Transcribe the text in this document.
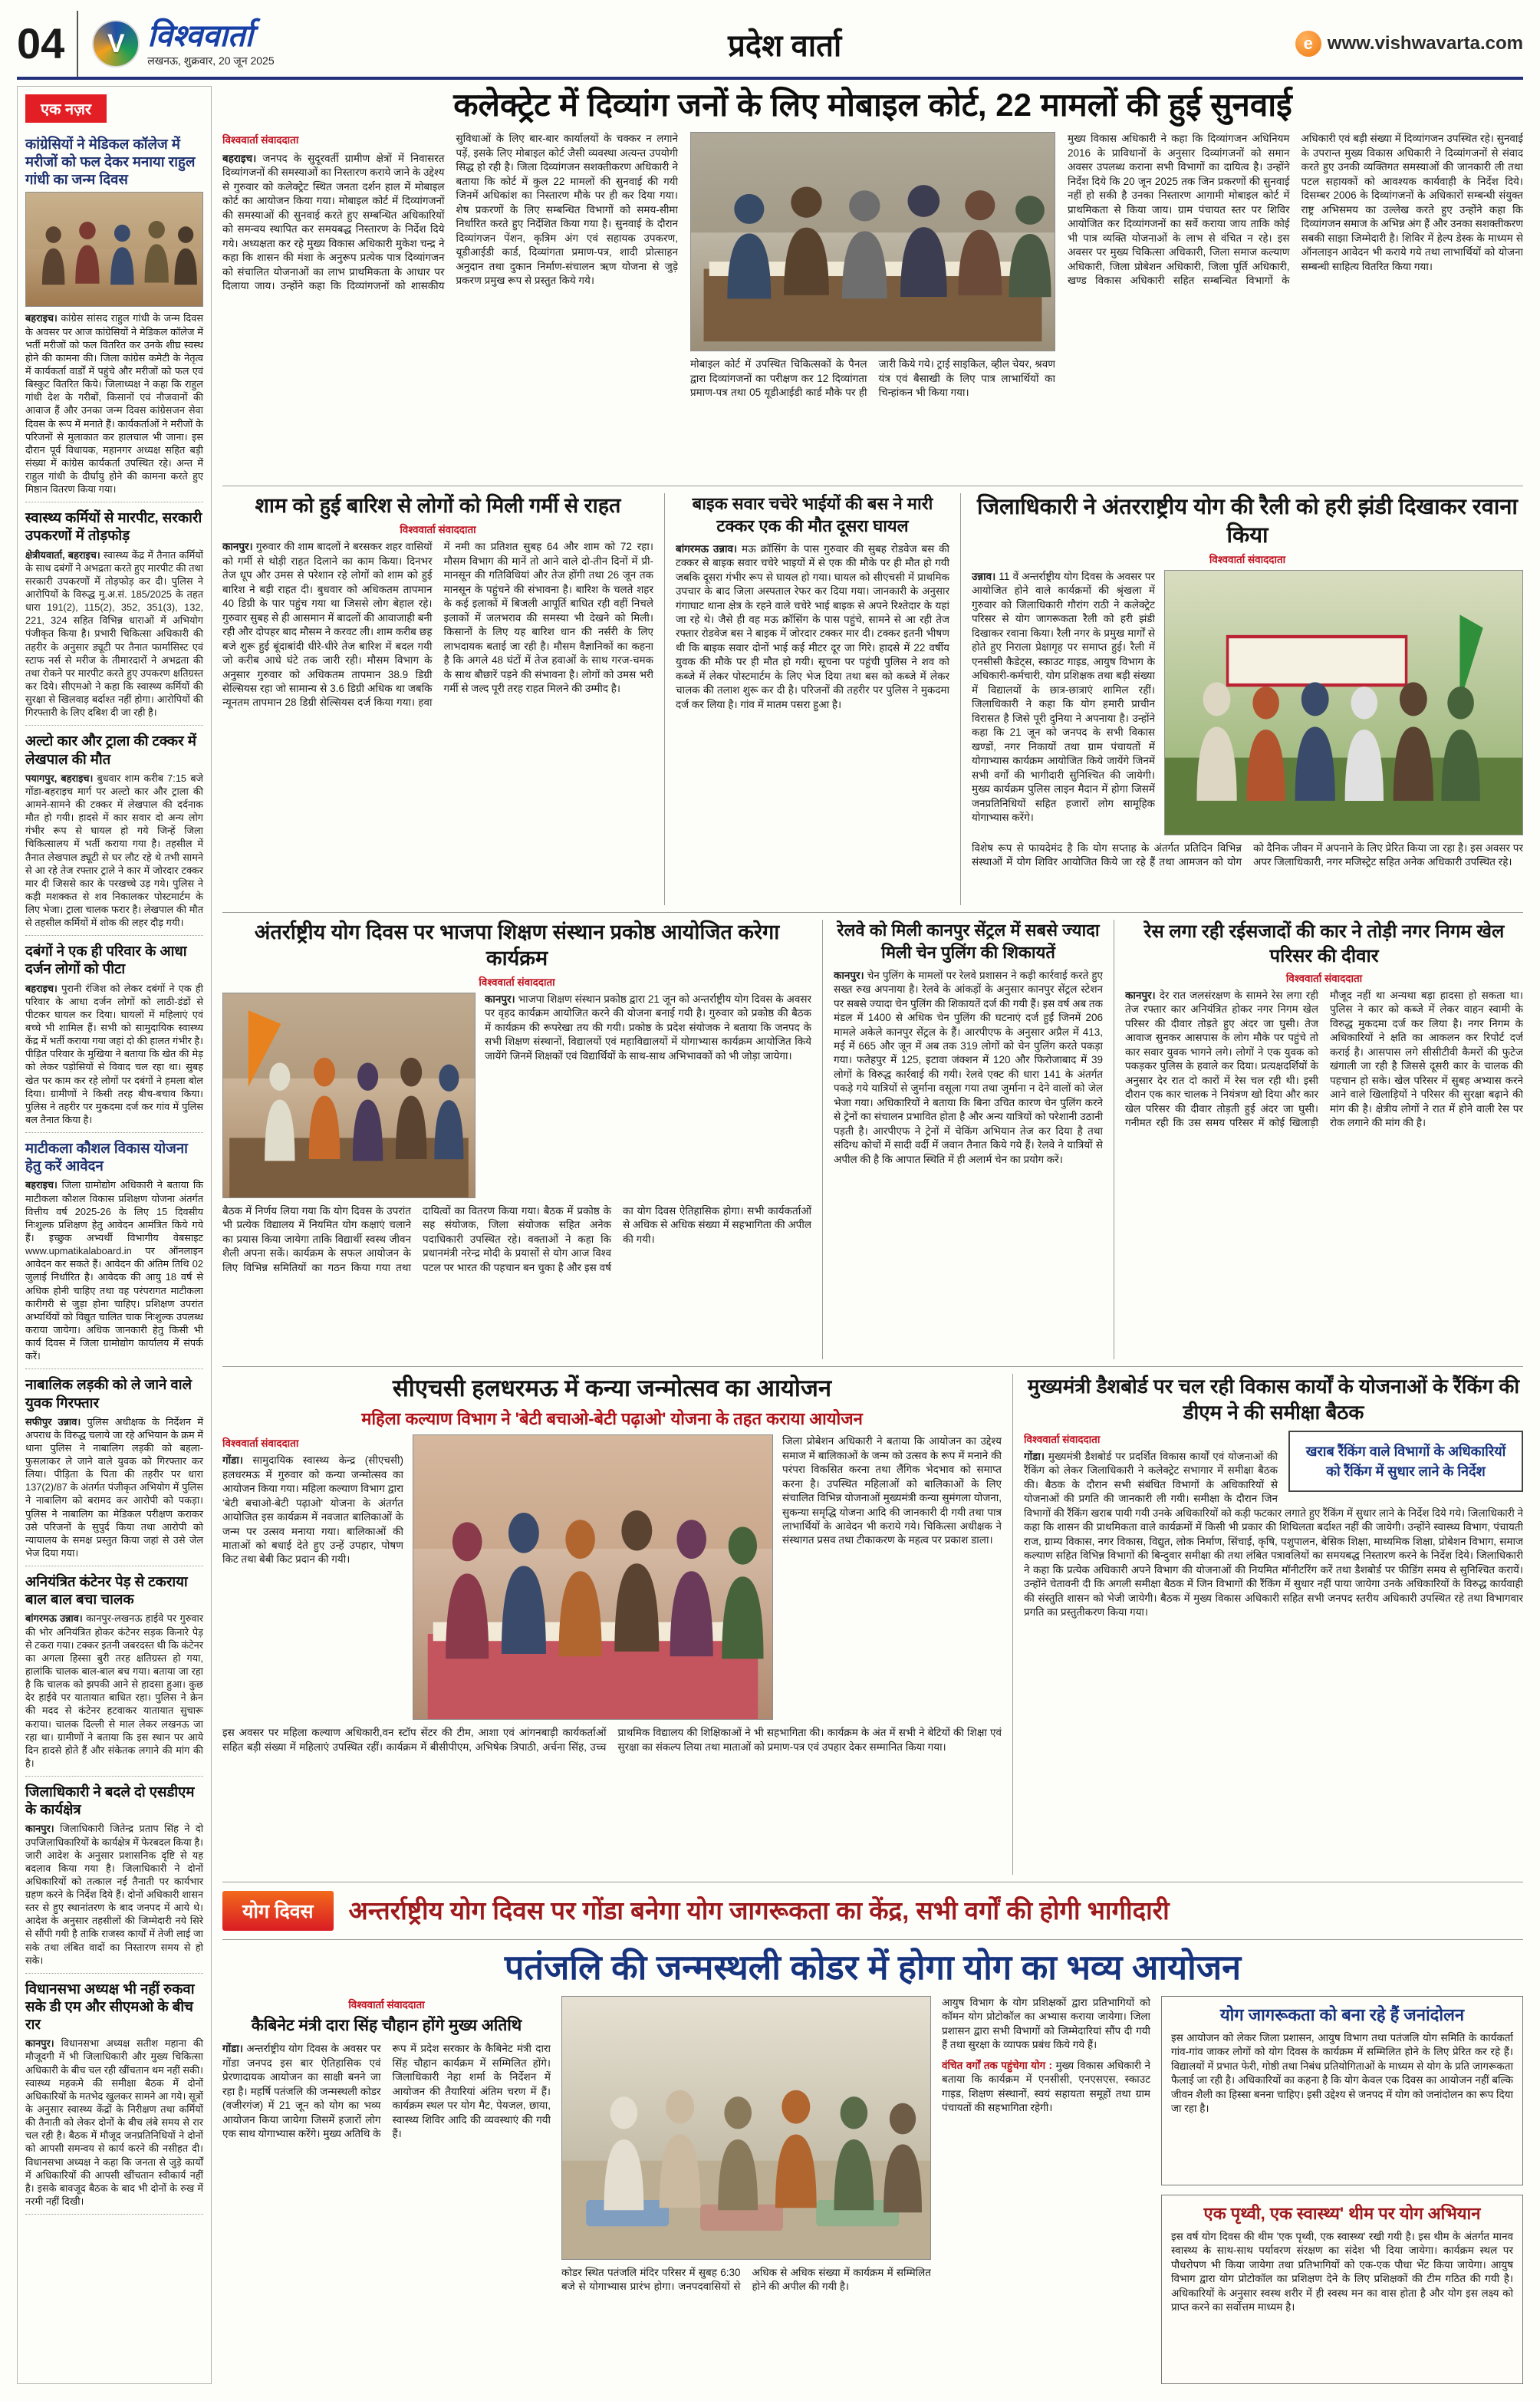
04 V विश्ववार्ता
लखनऊ, शुक्रवार, 20 जून 2025	प्रदेश वार्ता	e www.vishwavarta.com
एक नज़र
कांग्रेसियों ने मेडिकल कॉलेज में मरीजों को फल देकर मनाया राहुल गांधी का जन्म दिवस

बहराइच। कांग्रेस सांसद राहुल गांधी के जन्म दिवस के अवसर पर आज कांग्रेसियों ने मेडिकल कॉलेज में भर्ती मरीजों को फल वितरित कर उनके शीघ्र स्वस्थ होने की कामना की। जिला कांग्रेस कमेटी के नेतृत्व में कार्यकर्ता वार्डों में पहुंचे और मरीजों को फल एवं बिस्कुट वितरित किये। जिलाध्यक्ष ने कहा कि राहुल गांधी देश के गरीबों, किसानों एवं नौजवानों की आवाज हैं और उनका जन्म दिवस कांग्रेसजन सेवा दिवस के रूप में मनाते हैं। कार्यकर्ताओं ने मरीजों के परिजनों से मुलाकात कर हालचाल भी जाना। इस दौरान पूर्व विधायक, महानगर अध्यक्ष सहित बड़ी संख्या में कांग्रेस कार्यकर्ता उपस्थित रहे। अन्त में राहुल गांधी के दीर्घायु होने की कामना करते हुए मिष्ठान वितरण किया गया।

स्वास्थ्य कर्मियों से मारपीट, सरकारी उपकरणों में तोड़फोड़

क्षेत्रीयवार्ता, बहराइच। स्वास्थ्य केंद्र में तैनात कर्मियों के साथ दबंगों ने अभद्रता करते हुए मारपीट की तथा सरकारी उपकरणों में तोड़फोड़ कर दी। पुलिस ने आरोपियों के विरुद्ध मु.अ.सं. 185/2025 के तहत धारा 191(2), 115(2), 352, 351(3), 132, 221, 324 सहित विभिन्न धाराओं में अभियोग पंजीकृत किया है। प्रभारी चिकित्सा अधिकारी की तहरीर के अनुसार ड्यूटी पर तैनात फार्मासिस्ट एवं स्टाफ नर्स से मरीज के तीमारदारों ने अभद्रता की तथा रोकने पर मारपीट करते हुए उपकरण क्षतिग्रस्त कर दिये। सीएमओ ने कहा कि स्वास्थ्य कर्मियों की सुरक्षा से खिलवाड़ बर्दाश्त नहीं होगा। आरोपियों की गिरफ्तारी के लिए दबिश दी जा रही है।

अल्टो कार और ट्राला की टक्कर में लेखपाल की मौत

पयागपुर, बहराइच। बुधवार शाम करीब 7:15 बजे गोंडा-बहराइच मार्ग पर अल्टो कार और ट्राला की आमने-सामने की टक्कर में लेखपाल की दर्दनाक मौत हो गयी। हादसे में कार सवार दो अन्य लोग गंभीर रूप से घायल हो गये जिन्हें जिला चिकित्सालय में भर्ती कराया गया है। तहसील में तैनात लेखपाल ड्यूटी से घर लौट रहे थे तभी सामने से आ रहे तेज रफ्तार ट्राले ने कार में जोरदार टक्कर मार दी जिससे कार के परखच्चे उड़ गये। पुलिस ने कड़ी मशक्कत से शव निकालकर पोस्टमार्टम के लिए भेजा। ट्राला चालक फरार है। लेखपाल की मौत से तहसील कर्मियों में शोक की लहर दौड़ गयी।

दबंगों ने एक ही परिवार के आधा दर्जन लोगों को पीटा

बहराइच। पुरानी रंजिश को लेकर दबंगों ने एक ही परिवार के आधा दर्जन लोगों को लाठी-डंडों से पीटकर घायल कर दिया। घायलों में महिलाएं एवं बच्चे भी शामिल हैं। सभी को सामुदायिक स्वास्थ्य केंद्र में भर्ती कराया गया जहां दो की हालत गंभीर है। पीड़ित परिवार के मुखिया ने बताया कि खेत की मेड़ को लेकर पड़ोसियों से विवाद चल रहा था। सुबह खेत पर काम कर रहे लोगों पर दबंगों ने हमला बोल दिया। ग्रामीणों ने किसी तरह बीच-बचाव किया। पुलिस ने तहरीर पर मुकदमा दर्ज कर गांव में पुलिस बल तैनात किया है।

माटीकला कौशल विकास योजना हेतु करें आवेदन

बहराइच। जिला ग्रामोद्योग अधिकारी ने बताया कि माटीकला कौशल विकास प्रशिक्षण योजना अंतर्गत वित्तीय वर्ष 2025-26 के लिए 15 दिवसीय निःशुल्क प्रशिक्षण हेतु आवेदन आमंत्रित किये गये हैं। इच्छुक अभ्यर्थी विभागीय वेबसाइट www.upmatikalaboard.in पर ऑनलाइन आवेदन कर सकते हैं। आवेदन की अंतिम तिथि 02 जुलाई निर्धारित है। आवेदक की आयु 18 वर्ष से अधिक होनी चाहिए तथा वह परंपरागत माटीकला कारीगरी से जुड़ा होना चाहिए। प्रशिक्षण उपरांत अभ्यर्थियों को विद्युत चालित चाक निःशुल्क उपलब्ध कराया जायेगा। अधिक जानकारी हेतु किसी भी कार्य दिवस में जिला ग्रामोद्योग कार्यालय में संपर्क करें।

नाबालिक लड़की को ले जाने वाले युवक गिरफ्तार

सफीपुर उन्नाव। पुलिस अधीक्षक के निर्देशन में अपराध के विरुद्ध चलाये जा रहे अभियान के क्रम में थाना पुलिस ने नाबालिग लड़की को बहला-फुसलाकर ले जाने वाले युवक को गिरफ्तार कर लिया। पीड़िता के पिता की तहरीर पर धारा 137(2)/87 के अंतर्गत पंजीकृत अभियोग में पुलिस ने नाबालिग को बरामद कर आरोपी को पकड़ा। पुलिस ने नाबालिग का मेडिकल परीक्षण कराकर उसे परिजनों के सुपुर्द किया तथा आरोपी को न्यायालय के समक्ष प्रस्तुत किया जहां से उसे जेल भेज दिया गया।

अनियंत्रित कंटेनर पेड़ से टकराया बाल बाल बचा चालक

बांगरमऊ उन्नाव। कानपुर-लखनऊ हाईवे पर गुरुवार की भोर अनियंत्रित होकर कंटेनर सड़क किनारे पेड़ से टकरा गया। टक्कर इतनी जबरदस्त थी कि कंटेनर का अगला हिस्सा बुरी तरह क्षतिग्रस्त हो गया, हालांकि चालक बाल-बाल बच गया। बताया जा रहा है कि चालक को झपकी आने से हादसा हुआ। कुछ देर हाईवे पर यातायात बाधित रहा। पुलिस ने क्रेन की मदद से कंटेनर हटवाकर यातायात सुचारू कराया। चालक दिल्ली से माल लेकर लखनऊ जा रहा था। ग्रामीणों ने बताया कि इस स्थान पर आये दिन हादसे होते हैं और संकेतक लगाने की मांग की है।

जिलाधिकारी ने बदले दो एसडीएम के कार्यक्षेत्र

कानपुर। जिलाधिकारी जितेन्द्र प्रताप सिंह ने दो उपजिलाधिकारियों के कार्यक्षेत्र में फेरबदल किया है। जारी आदेश के अनुसार प्रशासनिक दृष्टि से यह बदलाव किया गया है। जिलाधिकारी ने दोनों अधिकारियों को तत्काल नई तैनाती पर कार्यभार ग्रहण करने के निर्देश दिये हैं। दोनों अधिकारी शासन स्तर से हुए स्थानांतरण के बाद जनपद में आये थे। आदेश के अनुसार तहसीलों की जिम्मेदारी नये सिरे से सौंपी गयी है ताकि राजस्व कार्यों में तेजी लाई जा सके तथा लंबित वादों का निस्तारण समय से हो सके।

विधानसभा अध्यक्ष भी नहीं रुकवा सके डी एम और सीएमओ के बीच रार

कानपुर। विधानसभा अध्यक्ष सतीश महाना की मौजूदगी में भी जिलाधिकारी और मुख्य चिकित्सा अधिकारी के बीच चल रही खींचतान थम नहीं सकी। स्वास्थ्य महकमे की समीक्षा बैठक में दोनों अधिकारियों के मतभेद खुलकर सामने आ गये। सूत्रों के अनुसार स्वास्थ्य केंद्रों के निरीक्षण तथा कर्मियों की तैनाती को लेकर दोनों के बीच लंबे समय से रार चल रही है। बैठक में मौजूद जनप्रतिनिधियों ने दोनों को आपसी समन्वय से कार्य करने की नसीहत दी। विधानसभा अध्यक्ष ने कहा कि जनता से जुड़े कार्यों में अधिकारियों की आपसी खींचतान स्वीकार्य नहीं है। इसके बावजूद बैठक के बाद भी दोनों के रुख में नरमी नहीं दिखी।

कलेक्ट्रेट में दिव्यांग जनों के लिए मोबाइल कोर्ट, 22 मामलों की हुई सुनवाई
विश्ववार्ता संवाददाता

बहराइच। जनपद के सुदूरवर्ती ग्रामीण क्षेत्रों में निवासरत दिव्यांगजनों की समस्याओं का निस्तारण कराये जाने के उद्देश्य से गुरुवार को कलेक्ट्रेट स्थित जनता दर्शन हाल में मोबाइल कोर्ट का आयोजन किया गया। मोबाइल कोर्ट में दिव्यांगजनों की समस्याओं की सुनवाई करते हुए सम्बन्धित अधिकारियों को समन्वय स्थापित कर समयबद्ध निस्तारण के निर्देश दिये गये। अध्यक्षता कर रहे मुख्य विकास अधिकारी मुकेश चन्द्र ने कहा कि शासन की मंशा के अनुरूप प्रत्येक पात्र दिव्यांगजन को संचालित योजनाओं का लाभ प्राथमिकता के आधार पर दिलाया जाय। उन्होंने कहा कि दिव्यांगजनों को शासकीय सुविधाओं के लिए बार-बार कार्यालयों के चक्कर न लगाने पड़ें, इसके लिए मोबाइल कोर्ट जैसी व्यवस्था अत्यन्त उपयोगी सिद्ध हो रही है। जिला दिव्यांगजन सशक्तीकरण अधिकारी ने बताया कि कोर्ट में कुल 22 मामलों की सुनवाई की गयी जिनमें अधिकांश का निस्तारण मौके पर ही कर दिया गया। शेष प्रकरणों के लिए सम्बन्धित विभागों को समय-सीमा निर्धारित करते हुए निर्देशित किया गया है। सुनवाई के दौरान दिव्यांगजन पेंशन, कृत्रिम अंग एवं सहायक उपकरण, यूडीआईडी कार्ड, दिव्यांगता प्रमाण-पत्र, शादी प्रोत्साहन अनुदान तथा दुकान निर्माण-संचालन ऋण योजना से जुड़े प्रकरण प्रमुख रूप से प्रस्तुत किये गये।

मोबाइल कोर्ट में उपस्थित चिकित्सकों के पैनल द्वारा दिव्यांगजनों का परीक्षण कर 12 दिव्यांगता प्रमाण-पत्र तथा 05 यूडीआईडी कार्ड मौके पर ही जारी किये गये। ट्राई साइकिल, व्हील चेयर, श्रवण यंत्र एवं बैसाखी के लिए पात्र लाभार्थियों का चिन्हांकन भी किया गया।

मुख्य विकास अधिकारी ने कहा कि दिव्यांगजन अधिनियम 2016 के प्राविधानों के अनुसार दिव्यांगजनों को समान अवसर उपलब्ध कराना सभी विभागों का दायित्व है। उन्होंने निर्देश दिये कि 20 जून 2025 तक जिन प्रकरणों की सुनवाई नहीं हो सकी है उनका निस्तारण आगामी मोबाइल कोर्ट में प्राथमिकता से किया जाय। ग्राम पंचायत स्तर पर शिविर आयोजित कर दिव्यांगजनों का सर्वे कराया जाय ताकि कोई भी पात्र व्यक्ति योजनाओं के लाभ से वंचित न रहे। इस अवसर पर मुख्य चिकित्सा अधिकारी, जिला समाज कल्याण अधिकारी, जिला प्रोबेशन अधिकारी, जिला पूर्ति अधिकारी, खण्ड विकास अधिकारी सहित सम्बन्धित विभागों के अधिकारी एवं बड़ी संख्या में दिव्यांगजन उपस्थित रहे। सुनवाई के उपरान्त मुख्य विकास अधिकारी ने दिव्यांगजनों से संवाद करते हुए उनकी व्यक्तिगत समस्याओं की जानकारी ली तथा पटल सहायकों को आवश्यक कार्यवाही के निर्देश दिये। दिसम्बर 2006 के दिव्यांगजनों के अधिकारों सम्बन्धी संयुक्त राष्ट्र अभिसमय का उल्लेख करते हुए उन्होंने कहा कि दिव्यांगजन समाज के अभिन्न अंग हैं और उनका सशक्तीकरण सबकी साझा जिम्मेदारी है। शिविर में हेल्प डेस्क के माध्यम से ऑनलाइन आवेदन भी कराये गये तथा लाभार्थियों को योजना सम्बन्धी साहित्य वितरित किया गया।

शाम को हुई बारिश से लोगों को मिली गर्मी से राहत
विश्ववार्ता संवाददाता

कानपुर। गुरुवार की शाम बादलों ने बरसकर शहर वासियों को गर्मी से थोड़ी राहत दिलाने का काम किया। दिनभर तेज धूप और उमस से परेशान रहे लोगों को शाम को हुई बारिश ने बड़ी राहत दी। बुधवार को अधिकतम तापमान 40 डिग्री के पार पहुंच गया था जिससे लोग बेहाल रहे। गुरुवार सुबह से ही आसमान में बादलों की आवाजाही बनी रही और दोपहर बाद मौसम ने करवट ली। शाम करीब छह बजे शुरू हुई बूंदाबांदी धीरे-धीरे तेज बारिश में बदल गयी जो करीब आधे घंटे तक जारी रही। मौसम विभाग के अनुसार गुरुवार को अधिकतम तापमान 38.9 डिग्री सेल्सियस रहा जो सामान्य से 3.6 डिग्री अधिक था जबकि न्यूनतम तापमान 28 डिग्री सेल्सियस दर्ज किया गया। हवा में नमी का प्रतिशत सुबह 64 और शाम को 72 रहा। मौसम विभाग की मानें तो आने वाले दो-तीन दिनों में प्री-मानसून की गतिविधियां और तेज होंगी तथा 26 जून तक मानसून के पहुंचने की संभावना है। बारिश के चलते शहर के कई इलाकों में बिजली आपूर्ति बाधित रही वहीं निचले इलाकों में जलभराव की समस्या भी देखने को मिली। किसानों के लिए यह बारिश धान की नर्सरी के लिए लाभदायक बताई जा रही है। मौसम वैज्ञानिकों का कहना है कि अगले 48 घंटों में तेज हवाओं के साथ गरज-चमक के साथ बौछारें पड़ने की संभावना है। लोगों को उमस भरी गर्मी से जल्द पूरी तरह राहत मिलने की उम्मीद है।

बाइक सवार चचेरे भाईयों की बस ने मारी टक्कर एक की मौत दूसरा घायल

बांगरमऊ उन्नाव। मऊ क्रॉसिंग के पास गुरुवार की सुबह रोडवेज बस की टक्कर से बाइक सवार चचेरे भाइयों में से एक की मौके पर ही मौत हो गयी जबकि दूसरा गंभीर रूप से घायल हो गया। घायल को सीएचसी में प्राथमिक उपचार के बाद जिला अस्पताल रेफर कर दिया गया। जानकारी के अनुसार गंगाघाट थाना क्षेत्र के रहने वाले चचेरे भाई बाइक से अपने रिश्तेदार के यहां जा रहे थे। जैसे ही वह मऊ क्रॉसिंग के पास पहुंचे, सामने से आ रही तेज रफ्तार रोडवेज बस ने बाइक में जोरदार टक्कर मार दी। टक्कर इतनी भीषण थी कि बाइक सवार दोनों भाई कई मीटर दूर जा गिरे। हादसे में 22 वर्षीय युवक की मौके पर ही मौत हो गयी। सूचना पर पहुंची पुलिस ने शव को कब्जे में लेकर पोस्टमार्टम के लिए भेज दिया तथा बस को कब्जे में लेकर चालक की तलाश शुरू कर दी है। परिजनों की तहरीर पर पुलिस ने मुकदमा दर्ज कर लिया है। गांव में मातम पसरा हुआ है।

जिलाधिकारी ने अंतरराष्ट्रीय योग की रैली को हरी झंडी दिखाकर रवाना किया
विश्ववार्ता संवाददाता

उन्नाव। 11 वें अन्तर्राष्ट्रीय योग दिवस के अवसर पर आयोजित होने वाले कार्यक्रमों की श्रृंखला में गुरुवार को जिलाधिकारी गौरांग राठी ने कलेक्ट्रेट परिसर से योग जागरूकता रैली को हरी झंडी दिखाकर रवाना किया। रैली नगर के प्रमुख मार्गों से होते हुए निराला प्रेक्षागृह पर समाप्त हुई। रैली में एनसीसी कैडेट्स, स्काउट गाइड, आयुष विभाग के अधिकारी-कर्मचारी, योग प्रशिक्षक तथा बड़ी संख्या में विद्यालयों के छात्र-छात्राएं शामिल रहीं। जिलाधिकारी ने कहा कि योग हमारी प्राचीन विरासत है जिसे पूरी दुनिया ने अपनाया है। उन्होंने कहा कि 21 जून को जनपद के सभी विकास खण्डों, नगर निकायों तथा ग्राम पंचायतों में योगाभ्यास कार्यक्रम आयोजित किये जायेंगे जिनमें सभी वर्गों की भागीदारी सुनिश्चित की जायेगी। मुख्य कार्यक्रम पुलिस लाइन मैदान में होगा जिसमें जनप्रतिनिधियों सहित हजारों लोग सामूहिक योगाभ्यास करेंगे।

विशेष रूप से फायदेमंद है कि योग सप्ताह के अंतर्गत प्रतिदिन विभिन्न संस्थाओं में योग शिविर आयोजित किये जा रहे हैं तथा आमजन को योग को दैनिक जीवन में अपनाने के लिए प्रेरित किया जा रहा है। इस अवसर पर अपर जिलाधिकारी, नगर मजिस्ट्रेट सहित अनेक अधिकारी उपस्थित रहे।

अंतर्राष्ट्रीय योग दिवस पर भाजपा शिक्षण संस्थान प्रकोष्ठ आयोजित करेगा कार्यक्रम
विश्ववार्ता संवाददाता

कानपुर। भाजपा शिक्षण संस्थान प्रकोष्ठ द्वारा 21 जून को अन्तर्राष्ट्रीय योग दिवस के अवसर पर वृहद कार्यक्रम आयोजित करने की योजना बनाई गयी है। गुरुवार को प्रकोष्ठ की बैठक में कार्यक्रम की रूपरेखा तय की गयी। प्रकोष्ठ के प्रदेश संयोजक ने बताया कि जनपद के सभी शिक्षण संस्थानों, विद्यालयों एवं महाविद्यालयों में योगाभ्यास कार्यक्रम आयोजित किये जायेंगे जिनमें शिक्षकों एवं विद्यार्थियों के साथ-साथ अभिभावकों को भी जोड़ा जायेगा।

बैठक में निर्णय लिया गया कि योग दिवस के उपरांत भी प्रत्येक विद्यालय में नियमित योग कक्षाएं चलाने का प्रयास किया जायेगा ताकि विद्यार्थी स्वस्थ जीवन शैली अपना सकें। कार्यक्रम के सफल आयोजन के लिए विभिन्न समितियों का गठन किया गया तथा दायित्वों का वितरण किया गया। बैठक में प्रकोष्ठ के सह संयोजक, जिला संयोजक सहित अनेक पदाधिकारी उपस्थित रहे। वक्ताओं ने कहा कि प्रधानमंत्री नरेन्द्र मोदी के प्रयासों से योग आज विश्व पटल पर भारत की पहचान बन चुका है और इस वर्ष का योग दिवस ऐतिहासिक होगा। सभी कार्यकर्ताओं से अधिक से अधिक संख्या में सहभागिता की अपील की गयी।

रेलवे को मिली कानपुर सेंट्रल में सबसे ज्यादा मिली चेन पुलिंग की शिकायतें

कानपुर। चेन पुलिंग के मामलों पर रेलवे प्रशासन ने कड़ी कार्रवाई करते हुए सख्त रुख अपनाया है। रेलवे के आंकड़ों के अनुसार कानपुर सेंट्रल स्टेशन पर सबसे ज्यादा चेन पुलिंग की शिकायतें दर्ज की गयी हैं। इस वर्ष अब तक मंडल में 1400 से अधिक चेन पुलिंग की घटनाएं दर्ज हुईं जिनमें 206 मामले अकेले कानपुर सेंट्रल के हैं। आरपीएफ के अनुसार अप्रैल में 413, मई में 665 और जून में अब तक 319 लोगों को चेन पुलिंग करते पकड़ा गया। फतेहपुर में 125, इटावा जंक्शन में 120 और फिरोजाबाद में 39 लोगों के विरुद्ध कार्रवाई की गयी। रेलवे एक्ट की धारा 141 के अंतर्गत पकड़े गये यात्रियों से जुर्माना वसूला गया तथा जुर्माना न देने वालों को जेल भेजा गया। अधिकारियों ने बताया कि बिना उचित कारण चेन पुलिंग करने से ट्रेनों का संचालन प्रभावित होता है और अन्य यात्रियों को परेशानी उठानी पड़ती है। आरपीएफ ने ट्रेनों में चेकिंग अभियान तेज कर दिया है तथा संदिग्ध कोचों में सादी वर्दी में जवान तैनात किये गये हैं। रेलवे ने यात्रियों से अपील की है कि आपात स्थिति में ही अलार्म चेन का प्रयोग करें।

रेस लगा रही रईसजादों की कार ने तोड़ी नगर निगम खेल परिसर की दीवार
विश्ववार्ता संवाददाता

कानपुर। देर रात जलसंरक्षण के सामने रेस लगा रही तेज रफ्तार कार अनियंत्रित होकर नगर निगम खेल परिसर की दीवार तोड़ते हुए अंदर जा घुसी। तेज आवाज सुनकर आसपास के लोग मौके पर पहुंचे तो कार सवार युवक भागने लगे। लोगों ने एक युवक को पकड़कर पुलिस के हवाले कर दिया। प्रत्यक्षदर्शियों के अनुसार देर रात दो कारों में रेस चल रही थी। इसी दौरान एक कार चालक ने नियंत्रण खो दिया और कार खेल परिसर की दीवार तोड़ती हुई अंदर जा घुसी। गनीमत रही कि उस समय परिसर में कोई खिलाड़ी मौजूद नहीं था अन्यथा बड़ा हादसा हो सकता था। पुलिस ने कार को कब्जे में लेकर वाहन स्वामी के विरुद्ध मुकदमा दर्ज कर लिया है। नगर निगम के अधिकारियों ने क्षति का आकलन कर रिपोर्ट दर्ज कराई है। आसपास लगे सीसीटीवी कैमरों की फुटेज खंगाली जा रही है जिससे दूसरी कार के चालक की पहचान हो सके। खेल परिसर में सुबह अभ्यास करने आने वाले खिलाड़ियों ने परिसर की सुरक्षा बढ़ाने की मांग की है। क्षेत्रीय लोगों ने रात में होने वाली रेस पर रोक लगाने की मांग की है।

सीएचसी हलधरमऊ में कन्या जन्मोत्सव का आयोजन
महिला कल्याण विभाग ने 'बेटी बचाओ-बेटी पढ़ाओ' योजना के तहत कराया आयोजन
विश्ववार्ता संवाददाता

गोंडा। सामुदायिक स्वास्थ्य केन्द्र (सीएचसी) हलधरमऊ में गुरुवार को कन्या जन्मोत्सव का आयोजन किया गया। महिला कल्याण विभाग द्वारा 'बेटी बचाओ-बेटी पढ़ाओ' योजना के अंतर्गत आयोजित इस कार्यक्रम में नवजात बालिकाओं के जन्म पर उत्सव मनाया गया। बालिकाओं की माताओं को बधाई देते हुए उन्हें उपहार, पोषण किट तथा बेबी किट प्रदान की गयी।

जिला प्रोबेशन अधिकारी ने बताया कि आयोजन का उद्देश्य समाज में बालिकाओं के जन्म को उत्सव के रूप में मनाने की परंपरा विकसित करना तथा लैंगिक भेदभाव को समाप्त करना है। उपस्थित महिलाओं को बालिकाओं के लिए संचालित विभिन्न योजनाओं मुख्यमंत्री कन्या सुमंगला योजना, सुकन्या समृद्धि योजना आदि की जानकारी दी गयी तथा पात्र लाभार्थियों के आवेदन भी कराये गये। चिकित्सा अधीक्षक ने संस्थागत प्रसव तथा टीकाकरण के महत्व पर प्रकाश डाला।

इस अवसर पर महिला कल्याण अधिकारी,वन स्टॉप सेंटर की टीम, आशा एवं आंगनबाड़ी कार्यकर्ताओं सहित बड़ी संख्या में महिलाएं उपस्थित रहीं। कार्यक्रम में बीसीपीएम, अभिषेक त्रिपाठी, अर्चना सिंह, उच्च प्राथमिक विद्यालय की शिक्षिकाओं ने भी सहभागिता की। कार्यक्रम के अंत में सभी ने बेटियों की शिक्षा एवं सुरक्षा का संकल्प लिया तथा माताओं को प्रमाण-पत्र एवं उपहार देकर सम्मानित किया गया।

मुख्यमंत्री डैशबोर्ड पर चल रही विकास कार्यों के योजनाओं के रैंकिंग की डीएम ने की समीक्षा बैठक
खराब रैंकिंग वाले विभागों के अधिकारियों को रैंकिंग में सुधार लाने के निर्देश
विश्ववार्ता संवाददाता

गोंडा। मुख्यमंत्री डैशबोर्ड पर प्रदर्शित विकास कार्यों एवं योजनाओं की रैंकिंग को लेकर जिलाधिकारी ने कलेक्ट्रेट सभागार में समीक्षा बैठक की। बैठक के दौरान सभी संबंधित विभागों के अधिकारियों से योजनाओं की प्रगति की जानकारी ली गयी। समीक्षा के दौरान जिन विभागों की रैंकिंग खराब पायी गयी उनके अधिकारियों को कड़ी फटकार लगाते हुए रैंकिंग में सुधार लाने के निर्देश दिये गये। जिलाधिकारी ने कहा कि शासन की प्राथमिकता वाले कार्यक्रमों में किसी भी प्रकार की शिथिलता बर्दाश्त नहीं की जायेगी। उन्होंने स्वास्थ्य विभाग, पंचायती राज, ग्राम्य विकास, नगर विकास, विद्युत, लोक निर्माण, सिंचाई, कृषि, पशुपालन, बेसिक शिक्षा, माध्यमिक शिक्षा, प्रोबेशन विभाग, समाज कल्याण सहित विभिन्न विभागों की बिन्दुवार समीक्षा की तथा लंबित पत्रावलियों का समयबद्ध निस्तारण करने के निर्देश दिये। जिलाधिकारी ने कहा कि प्रत्येक अधिकारी अपने विभाग की योजनाओं की नियमित मॉनीटरिंग करें तथा डैशबोर्ड पर फीडिंग समय से सुनिश्चित करायें। उन्होंने चेतावनी दी कि अगली समीक्षा बैठक में जिन विभागों की रैंकिंग में सुधार नहीं पाया जायेगा उनके अधिकारियों के विरुद्ध कार्यवाही की संस्तुति शासन को भेजी जायेगी। बैठक में मुख्य विकास अधिकारी सहित सभी जनपद स्तरीय अधिकारी उपस्थित रहे तथा विभागवार प्रगति का प्रस्तुतीकरण किया गया।

योग दिवस	अन्तर्राष्ट्रीय योग दिवस पर गोंडा बनेगा योग जागरूकता का केंद्र, सभी वर्गों की होगी भागीदारी
पतंजलि की जन्मस्थली कोडर में होगा योग का भव्य आयोजन
विश्ववार्ता संवाददाता
कैबिनेट मंत्री दारा सिंह चौहान होंगे मुख्य अतिथि

गोंडा। अन्तर्राष्ट्रीय योग दिवस के अवसर पर गोंडा जनपद इस बार ऐतिहासिक एवं प्रेरणादायक आयोजन का साक्षी बनने जा रहा है। महर्षि पतंजलि की जन्मस्थली कोडर (वजीरगंज) में 21 जून को योग का भव्य आयोजन किया जायेगा जिसमें हजारों लोग एक साथ योगाभ्यास करेंगे। मुख्य अतिथि के रूप में प्रदेश सरकार के कैबिनेट मंत्री दारा सिंह चौहान कार्यक्रम में सम्मिलित होंगे। जिलाधिकारी नेहा शर्मा के निर्देशन में आयोजन की तैयारियां अंतिम चरण में हैं। कार्यक्रम स्थल पर योग मैट, पेयजल, छाया, स्वास्थ्य शिविर आदि की व्यवस्थाएं की गयी हैं।

कोडर स्थित पतंजलि मंदिर परिसर में सुबह 6:30 बजे से योगाभ्यास प्रारंभ होगा। जनपदवासियों से अधिक से अधिक संख्या में कार्यक्रम में सम्मिलित होने की अपील की गयी है।

आयुष विभाग के योग प्रशिक्षकों द्वारा प्रतिभागियों को कॉमन योग प्रोटोकॉल का अभ्यास कराया जायेगा। जिला प्रशासन द्वारा सभी विभागों को जिम्मेदारियां सौंप दी गयी हैं तथा सुरक्षा के व्यापक प्रबंध किये गये हैं।

वंचित वर्गों तक पहुंचेगा योग : मुख्य विकास अधिकारी ने बताया कि कार्यक्रम में एनसीसी, एनएसएस, स्काउट गाइड, शिक्षण संस्थानों, स्वयं सहायता समूहों तथा ग्राम पंचायतों की सहभागिता रहेगी।

योग जागरूकता को बना रहे हैं जनांदोलन

इस आयोजन को लेकर जिला प्रशासन, आयुष विभाग तथा पतंजलि योग समिति के कार्यकर्ता गांव-गांव जाकर लोगों को योग दिवस के कार्यक्रम में सम्मिलित होने के लिए प्रेरित कर रहे हैं। विद्यालयों में प्रभात फेरी, गोष्ठी तथा निबंध प्रतियोगिताओं के माध्यम से योग के प्रति जागरूकता फैलाई जा रही है। अधिकारियों का कहना है कि योग केवल एक दिवस का आयोजन नहीं बल्कि जीवन शैली का हिस्सा बनना चाहिए। इसी उद्देश्य से जनपद में योग को जनांदोलन का रूप दिया जा रहा है।

एक पृथ्वी, एक स्वास्थ्य' थीम पर योग अभियान

इस वर्ष योग दिवस की थीम 'एक पृथ्वी, एक स्वास्थ्य' रखी गयी है। इस थीम के अंतर्गत मानव स्वास्थ्य के साथ-साथ पर्यावरण संरक्षण का संदेश भी दिया जायेगा। कार्यक्रम स्थल पर पौधरोपण भी किया जायेगा तथा प्रतिभागियों को एक-एक पौधा भेंट किया जायेगा। आयुष विभाग द्वारा योग प्रोटोकॉल का प्रशिक्षण देने के लिए प्रशिक्षकों की टीम गठित की गयी है। अधिकारियों के अनुसार स्वस्थ शरीर में ही स्वस्थ मन का वास होता है और योग इस लक्ष्य को प्राप्त करने का सर्वोत्तम माध्यम है।
